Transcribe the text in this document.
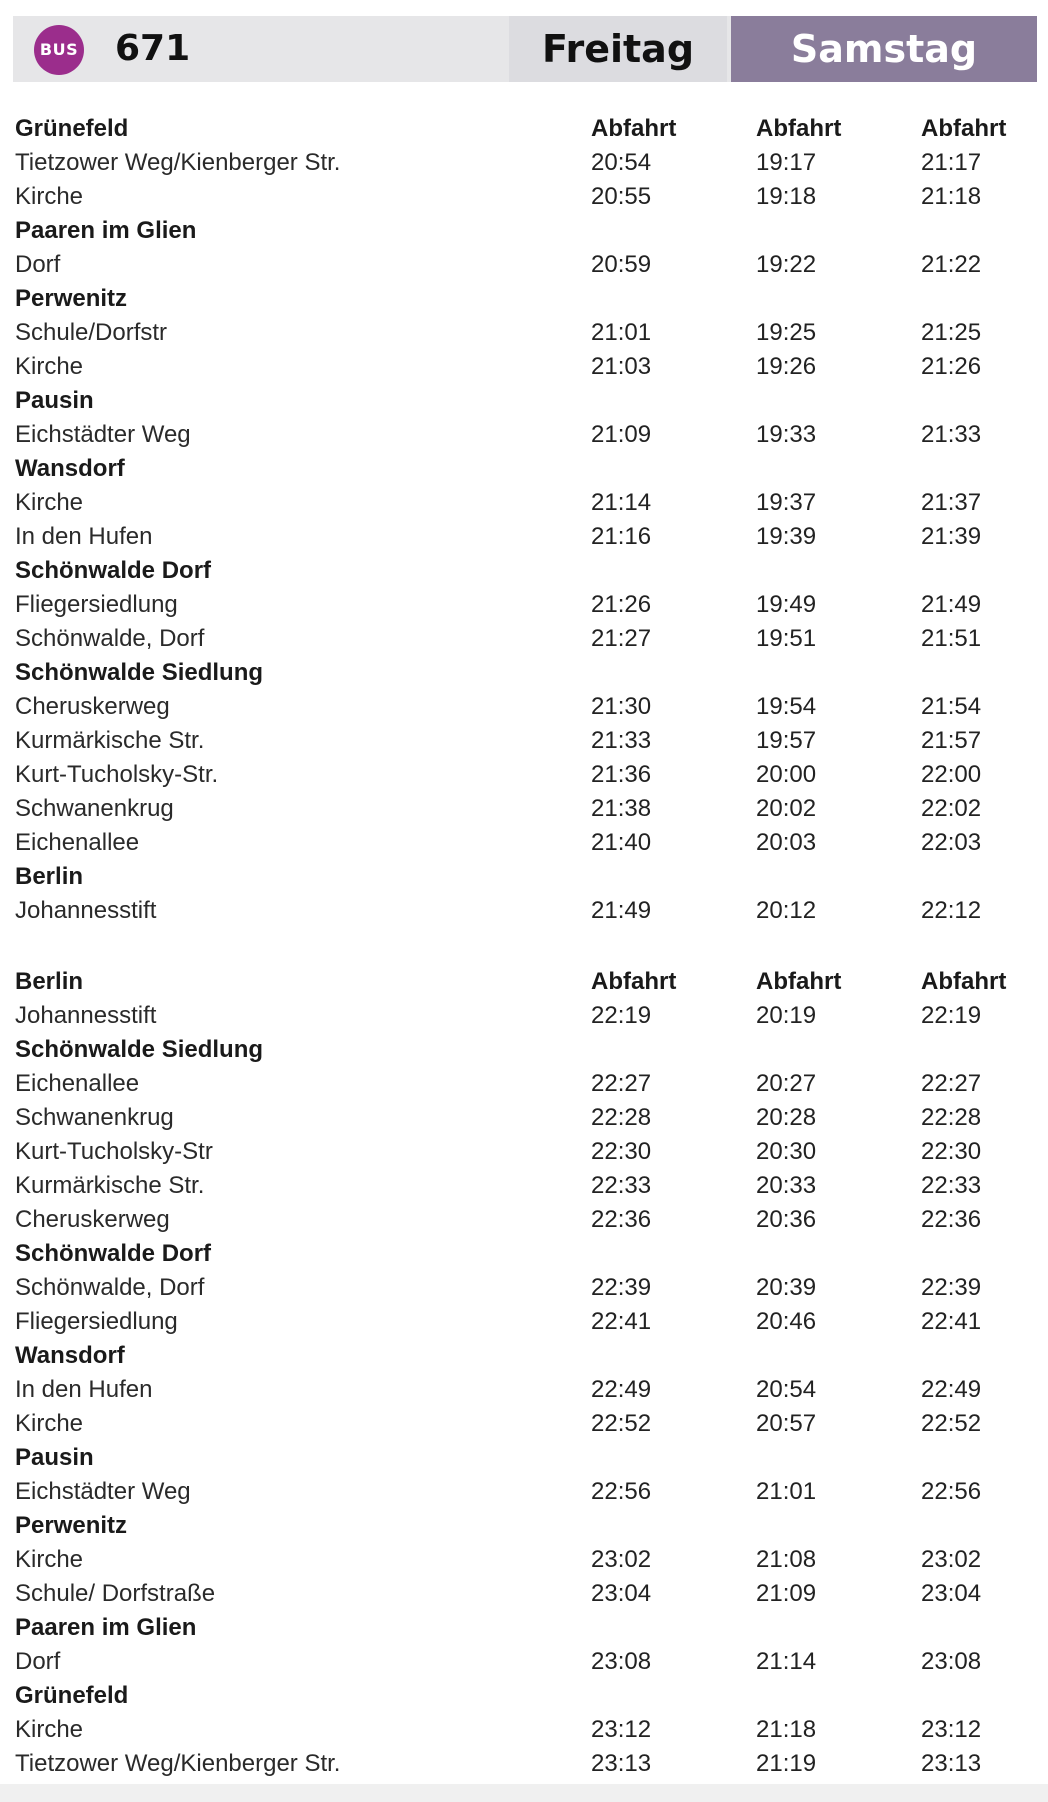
BUS 671	Freitag	Samstag
Grünefeld	Abfahrt	Abfahrt	Abfahrt
Tietzower Weg/Kienberger Str.	20:54	19:17	21:17
Kirche	20:55	19:18	21:18
Paaren im Glien
Dorf	20:59	19:22	21:22
Perwenitz
Schule/Dorfstr	21:01	19:25	21:25
Kirche	21:03	19:26	21:26
Pausin
Eichstädter Weg	21:09	19:33	21:33
Wansdorf
Kirche	21:14	19:37	21:37
In den Hufen	21:16	19:39	21:39
Schönwalde Dorf
Fliegersiedlung	21:26	19:49	21:49
Schönwalde, Dorf	21:27	19:51	21:51
Schönwalde Siedlung
Cheruskerweg	21:30	19:54	21:54
Kurmärkische Str.	21:33	19:57	21:57
Kurt-Tucholsky-Str.	21:36	20:00	22:00
Schwanenkrug	21:38	20:02	22:02
Eichenallee	21:40	20:03	22:03
Berlin
Johannesstift	21:49	20:12	22:12
Berlin	Abfahrt	Abfahrt	Abfahrt
Johannesstift	22:19	20:19	22:19
Schönwalde Siedlung
Eichenallee	22:27	20:27	22:27
Schwanenkrug	22:28	20:28	22:28
Kurt-Tucholsky-Str	22:30	20:30	22:30
Kurmärkische Str.	22:33	20:33	22:33
Cheruskerweg	22:36	20:36	22:36
Schönwalde Dorf
Schönwalde, Dorf	22:39	20:39	22:39
Fliegersiedlung	22:41	20:46	22:41
Wansdorf
In den Hufen	22:49	20:54	22:49
Kirche	22:52	20:57	22:52
Pausin
Eichstädter Weg	22:56	21:01	22:56
Perwenitz
Kirche	23:02	21:08	23:02
Schule/ Dorfstraße	23:04	21:09	23:04
Paaren im Glien
Dorf	23:08	21:14	23:08
Grünefeld
Kirche	23:12	21:18	23:12
Tietzower Weg/Kienberger Str.	23:13	21:19	23:13
